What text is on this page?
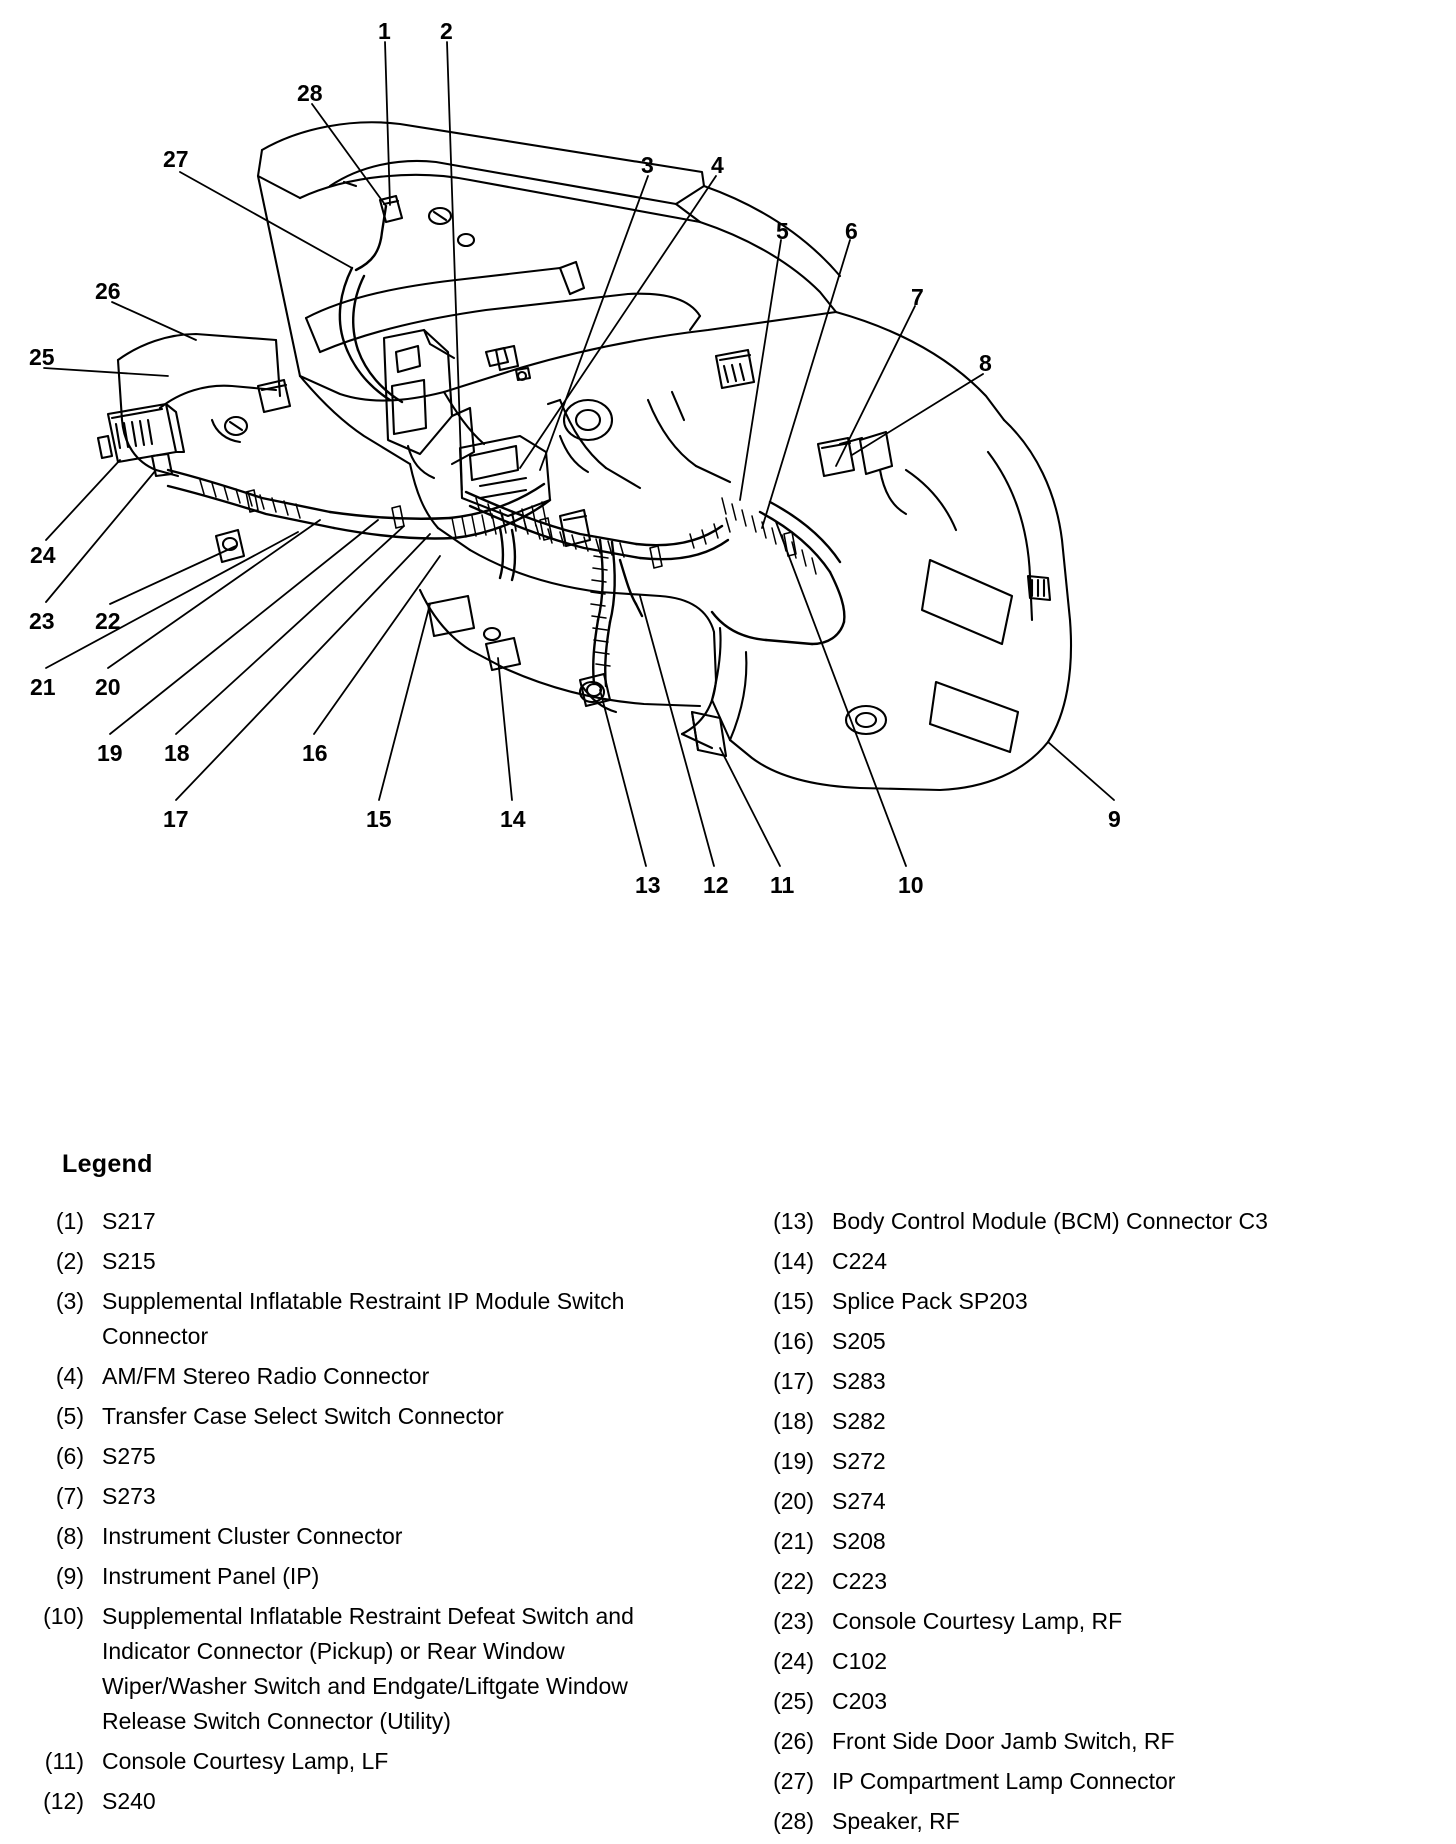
1 2
3 4
5 6
7
8
9
10
11
12
13
14
15
16
17
18
19
20
21
22
23
24
25
26
27
28
Legend
(1) S217
(2) S215
(3) Supplemental Inflatable Restraint IP Module Switch Connector
(4) AM/FM Stereo Radio Connector
(5) Transfer Case Select Switch Connector
(6) S275
(7) S273
(8) Instrument Cluster Connector
(9) Instrument Panel (IP)
(10) Supplemental Inflatable Restraint Defeat Switch and Indicator Connector (Pickup) or Rear Window Wiper/Washer Switch and Endgate/Liftgate Window Release Switch Connector (Utility)
(11) Console Courtesy Lamp, LF
(12) S240
(13) Body Control Module (BCM) Connector C3
(14) C224
(15) Splice Pack SP203
(16) S205
(17) S283
(18) S282
(19) S272
(20) S274
(21) S208
(22) C223
(23) Console Courtesy Lamp, RF
(24) C102
(25) C203
(26) Front Side Door Jamb Switch, RF
(27) IP Compartment Lamp Connector
(28) Speaker, RF
